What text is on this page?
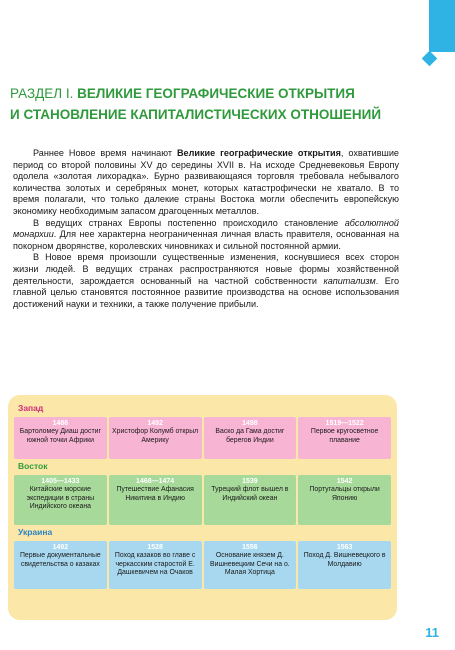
РАЗДЕЛ I. ВЕЛИКИЕ ГЕОГРАФИЧЕСКИЕ ОТКРЫТИЯ
И СТАНОВЛЕНИЕ КАПИТАЛИСТИЧЕСКИХ ОТНОШЕНИЙ

Раннее Новое время начинают Великие географические открытия, охватившие период со второй половины XV до середины XVII в. На исходе Средневековья Европу одолела «золотая лихорадка». Бурно развивающаяся торговля требовала небывалого количества золотых и серебряных монет, которых катастрофически не хватало. В то время полагали, что только далекие страны Востока могли обеспечить европейскую экономику необходимым запасом драгоценных металлов.

В ведущих странах Европы постепенно происходило становление абсолютной монархии. Для нее характерна неограниченная личная власть правителя, основанная на покорном дворянстве, королевских чиновниках и сильной постоянной армии.

В Новое время произошли существенные изменения, коснувшиеся всех сторон жизни людей. В ведущих странах распространяются новые формы хозяйственной деятельности, зарождается основанный на частной собственности капитализм. Его главной целью становятся постоянное развитие производства на основе использования достижений науки и техники, а также получение прибыли.

Запад
1486
Бартоломеу Диаш достиг южной точки Африки
1492
Христофор Колумб открыл Америку
1498
Васко да Гама достиг берегов Индии
1519—1522
Первое кругосветное плавание
Восток
1405—1433
Китайские морские экспедиции в страны Индийского океана
1468—1474
Путешествие Афанасия Никитина в Индию
1539
Турецкий флот вышел в Индийский океан
1542
Португальцы открыли Японию
Украина
1492
Первые документальные свидетельства о казаках
1528
Поход казаков во главе с черкасским старостой Е. Дашкевичем на Очаков
1556
Основание князем Д. Вишневецким Сечи на о. Малая Хортица
1563
Поход Д. Вишневецкого в Молдавию
11
